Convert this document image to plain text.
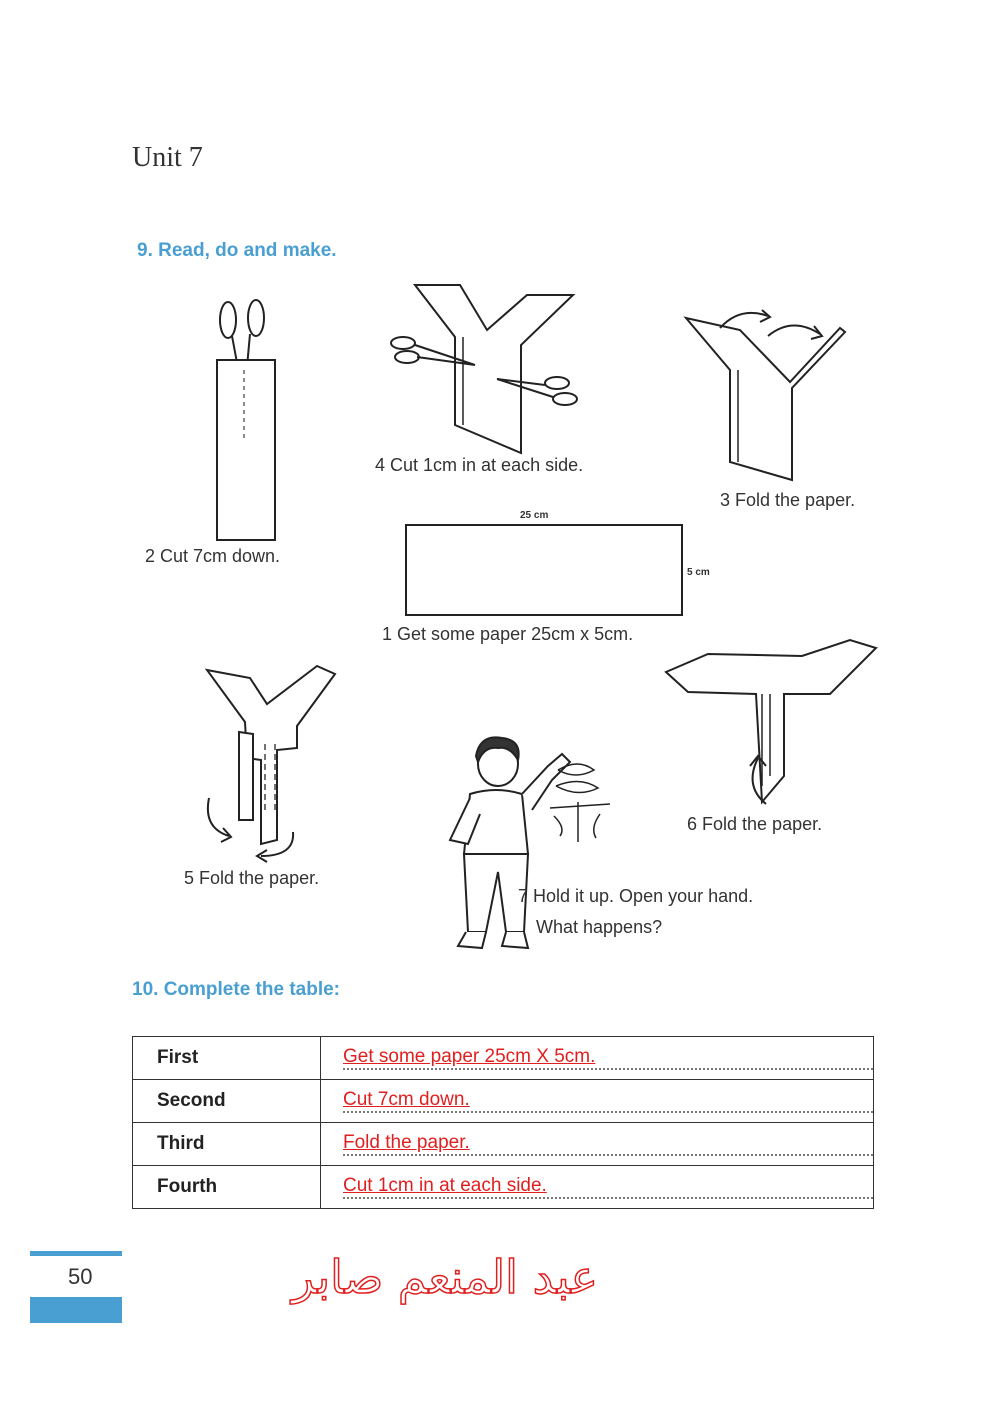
Unit 7
9. Read, do and make.
2 Cut 7cm down.
4 Cut 1cm in at each side.
3 Fold the paper.
25 cm
5 cm
1 Get some paper 25cm x 5cm.
5 Fold the paper.
7 Hold it up. Open your hand.
What happens?
6 Fold the paper.
10. Complete the table:
First	Get some paper 25cm X 5cm.

Second	Cut 7cm down.

Third	Fold the paper.

Fourth	Cut 1cm in at each side.
50	عبد المنعم صابر
